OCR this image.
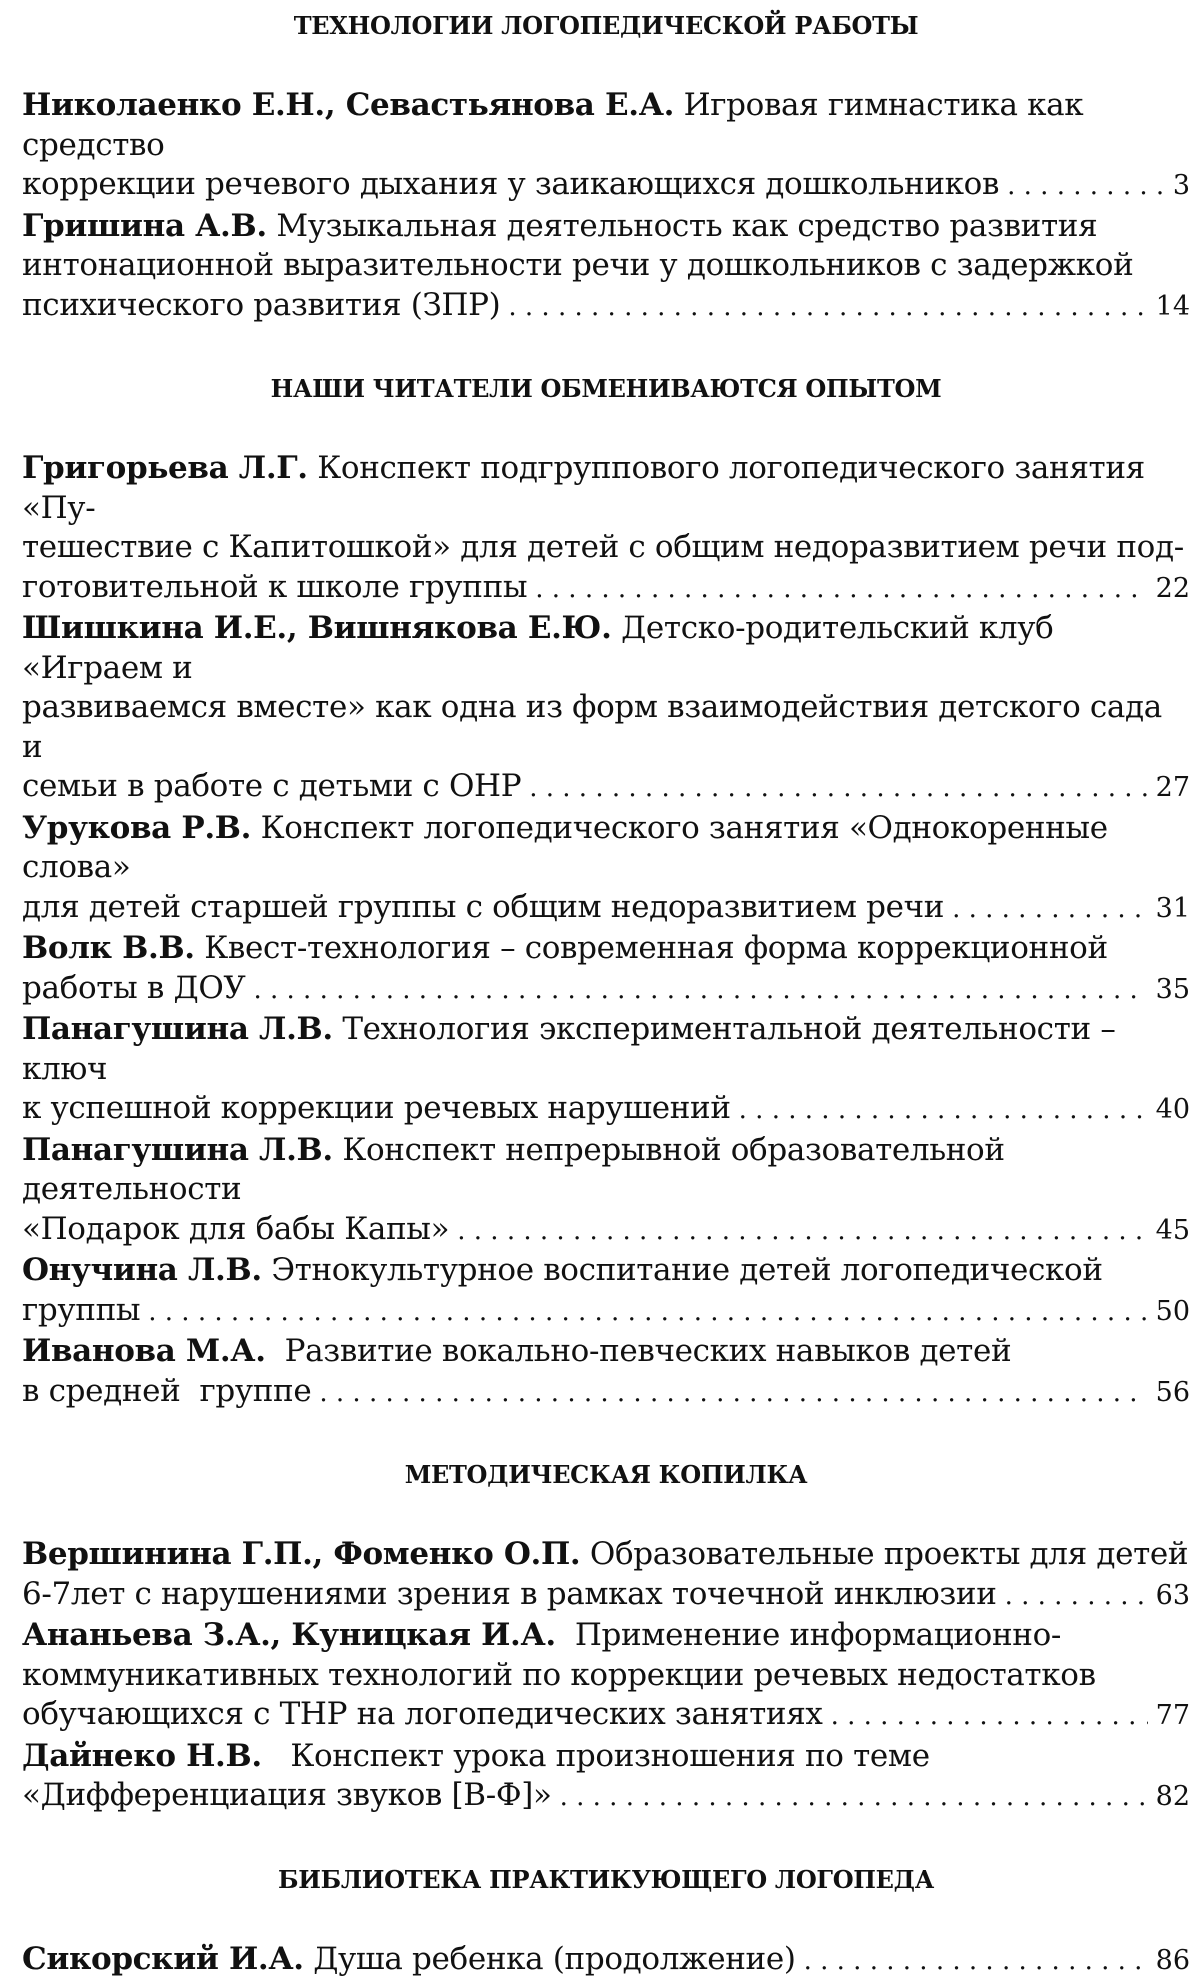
ТЕХНОЛОГИИ ЛОГОПЕДИЧЕСКОЙ РАБОТЫ
Николаенко Е.Н., Севастьянова Е.А. Игровая гимнастика как средство
коррекции речевого дыхания у заикающихся дошкольников . . .	3
Гришина А.В. Музыкальная деятельность как средство развития
интонационной выразительности речи у дошкольников с задержкой
психического развития (ЗПР) . . .	14
НАШИ ЧИТАТЕЛИ ОБМЕНИВАЮТСЯ ОПЫТОМ
Григорьева Л.Г. Конспект подгруппового логопедического занятия «Пу-
тешествие с Капитошкой» для детей с общим недоразвитием речи под-
готовительной к школе группы . . .	22
Шишкина И.Е., Вишнякова Е.Ю. Детско-родительский клуб «Играем и
развиваемся вместе» как одна из форм взаимодействия детского сада и
семьи в работе с детьми с ОНР . . .	27
Урукова Р.В. Конспект логопедического занятия «Однокоренные слова»
для детей старшей группы с общим недоразвитием речи . . .	31
Волк В.В. Квест-технология – современная форма коррекционной
работы в ДОУ . . .	35
Панагушина Л.В. Технология экспериментальной деятельности – ключ
к успешной коррекции речевых нарушений . . .	40
Панагушина Л.В. Конспект непрерывной образовательной деятельности
«Подарок для бабы Капы» . . .	45
Онучина Л.В. Этнокультурное воспитание детей логопедической
группы . . .	50
Иванова М.А. Развитие вокально-певческих навыков детей
в средней  группе . . .	56
МЕТОДИЧЕСКАЯ КОПИЛКА
Вершинина Г.П., Фоменко О.П. Образовательные проекты для детей
6-7лет с нарушениями зрения в рамках точечной инклюзии . . .	63
Ананьева З.А., Куницкая И.А. Применение информационно-
коммуникативных технологий по коррекции речевых недостатков
обучающихся с ТНР на логопедических занятиях . . .	77
Дайнеко Н.В. Конспект урока произношения по теме
«Дифференциация звуков [В-Ф]» . . .	82
БИБЛИОТЕКА ПРАКТИКУЮЩЕГО ЛОГОПЕДА
Сикорский И.А.
Душа ребенка (продолжение) . . .	86
